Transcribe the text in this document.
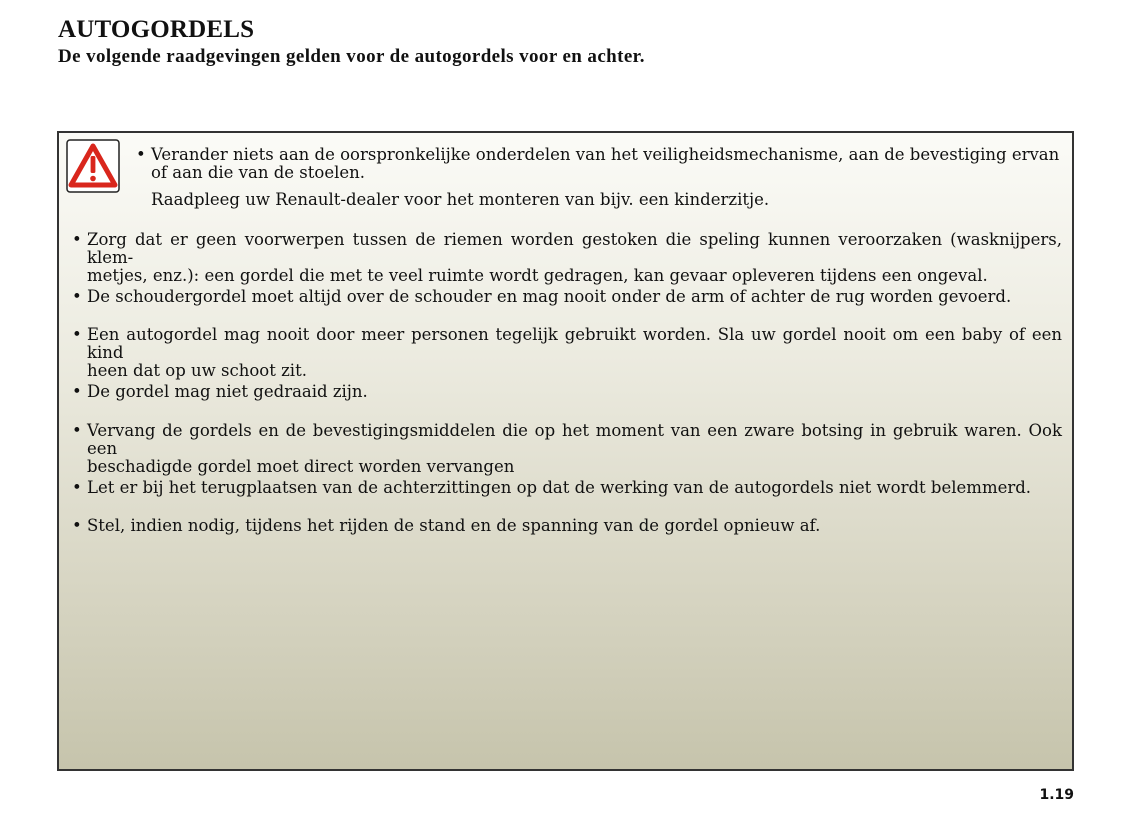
AUTOGORDELS

De volgende raadgevingen gelden voor de autogordels voor en achter.

• Verander niets aan de oorspronkelijke onderdelen van het veiligheidsmechanisme, aan de bevestiging ervan
of aan die van de stoelen.
Raadpleeg uw Renault-dealer voor het monteren van bijv. een kinderzitje.
• Zorg dat er geen voorwerpen tussen de riemen worden gestoken die speling kunnen veroorzaken (wasknijpers, klem-
metjes, enz.): een gordel die met te veel ruimte wordt gedragen, kan gevaar opleveren tijdens een ongeval.
• De schoudergordel moet altijd over de schouder en mag nooit onder de arm of achter de rug worden gevoerd.
• Een autogordel mag nooit door meer personen tegelijk gebruikt worden. Sla uw gordel nooit om een baby of een kind
heen dat op uw schoot zit.
• De gordel mag niet gedraaid zijn.
• Vervang de gordels en de bevestigingsmiddelen die op het moment van een zware botsing in gebruik waren. Ook een
beschadigde gordel moet direct worden vervangen
• Let er bij het terugplaatsen van de achterzittingen op dat de werking van de autogordels niet wordt belemmerd.
• Stel, indien nodig, tijdens het rijden de stand en de spanning van de gordel opnieuw af.

1.19
